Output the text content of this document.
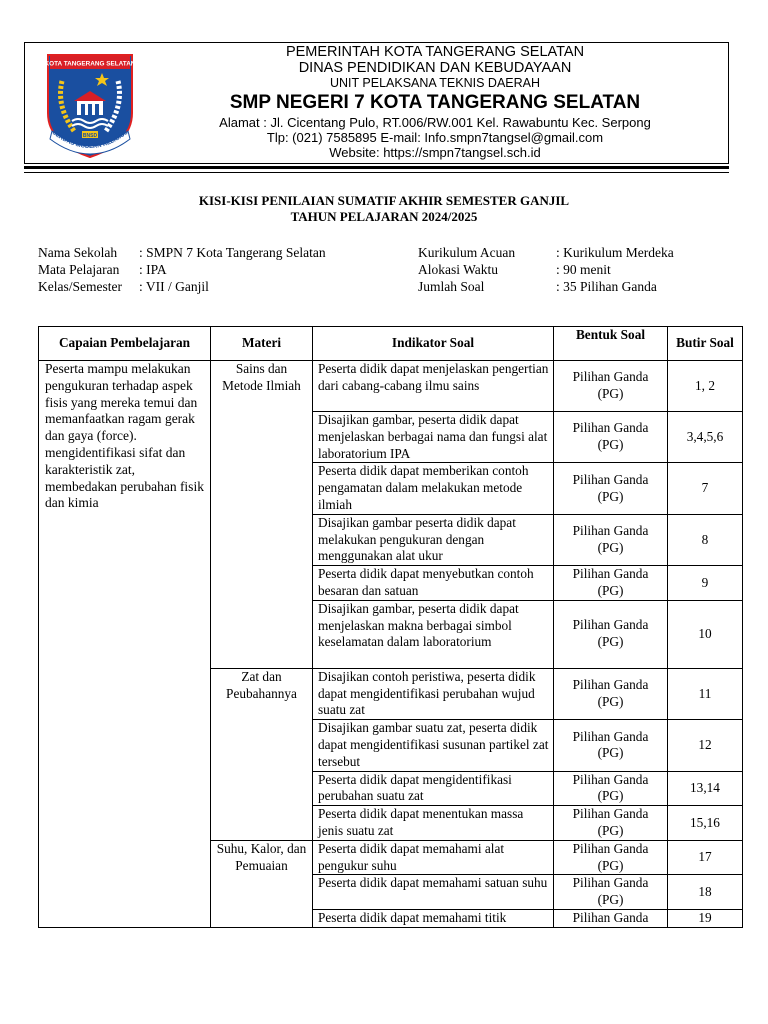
KOTA TANGERANG SELATAN
BNSD
CERDAS MODERN RELIGIUS
PEMERINTAH KOTA TANGERANG SELATAN
DINAS PENDIDIKAN DAN KEBUDAYAAN
UNIT PELAKSANA TEKNIS DAERAH
SMP NEGERI 7 KOTA TANGERANG SELATAN
Alamat : Jl. Cicentang Pulo, RT.006/RW.001 Kel. Rawabuntu Kec. Serpong
Tlp: (021) 7585895 E-mail: Info.smpn7tangsel@gmail.com
Website: https://smpn7tangsel.sch.id
KISI-KISI PENILAIAN SUMATIF AKHIR SEMESTER GANJIL
TAHUN PELAJARAN 2024/2025
Nama Sekolah : SMPN 7 Kota Tangerang Selatan
Mata Pelajaran : IPA
Kelas/Semester : VII / Ganjil
Kurikulum Acuan	: Kurikulum Merdeka
Alokasi Waktu	: 90 menit
Jumlah Soal	: 35 Pilihan Ganda
Capaian Pembelajaran	Materi	Indikator Soal	Bentuk Soal	Butir Soal
Peserta mampu melakukan pengukuran terhadap aspek fisis yang mereka temui dan memanfaatkan ragam gerak dan gaya (force). mengidentifikasi sifat dan karakteristik zat, membedakan perubahan fisik dan kimia	Sains dan Metode Ilmiah	Peserta didik dapat menjelaskan pengertian dari cabang-cabang ilmu sains	Pilihan Ganda (PG)	1, 2
		Disajikan gambar, peserta didik dapat menjelaskan berbagai nama dan fungsi alat laboratorium IPA	Pilihan Ganda (PG)	3,4,5,6
		Peserta didik dapat memberikan contoh pengamatan dalam melakukan metode ilmiah	Pilihan Ganda (PG)	7
		Disajikan gambar peserta didik dapat melakukan pengukuran dengan menggunakan alat ukur	Pilihan Ganda (PG)	8
		Peserta didik dapat menyebutkan contoh besaran dan satuan	Pilihan Ganda (PG)	9
		Disajikan gambar, peserta didik dapat menjelaskan makna berbagai simbol keselamatan dalam laboratorium	Pilihan Ganda (PG)	10
	Zat dan Peubahannya	Disajikan contoh peristiwa, peserta didik dapat mengidentifikasi perubahan wujud suatu zat	Pilihan Ganda (PG)	11
		Disajikan gambar suatu zat, peserta didik dapat mengidentifikasi susunan partikel zat tersebut	Pilihan Ganda (PG)	12
		Peserta didik dapat mengidentifikasi perubahan suatu zat	Pilihan Ganda (PG)	13,14
		Peserta didik dapat menentukan massa jenis suatu zat	Pilihan Ganda (PG)	15,16
	Suhu, Kalor, dan Pemuaian	Peserta didik dapat memahami alat pengukur suhu	Pilihan Ganda (PG)	17
		Peserta didik dapat memahami satuan suhu	Pilihan Ganda (PG)	18
		Peserta didik dapat memahami titik	Pilihan Ganda	19
